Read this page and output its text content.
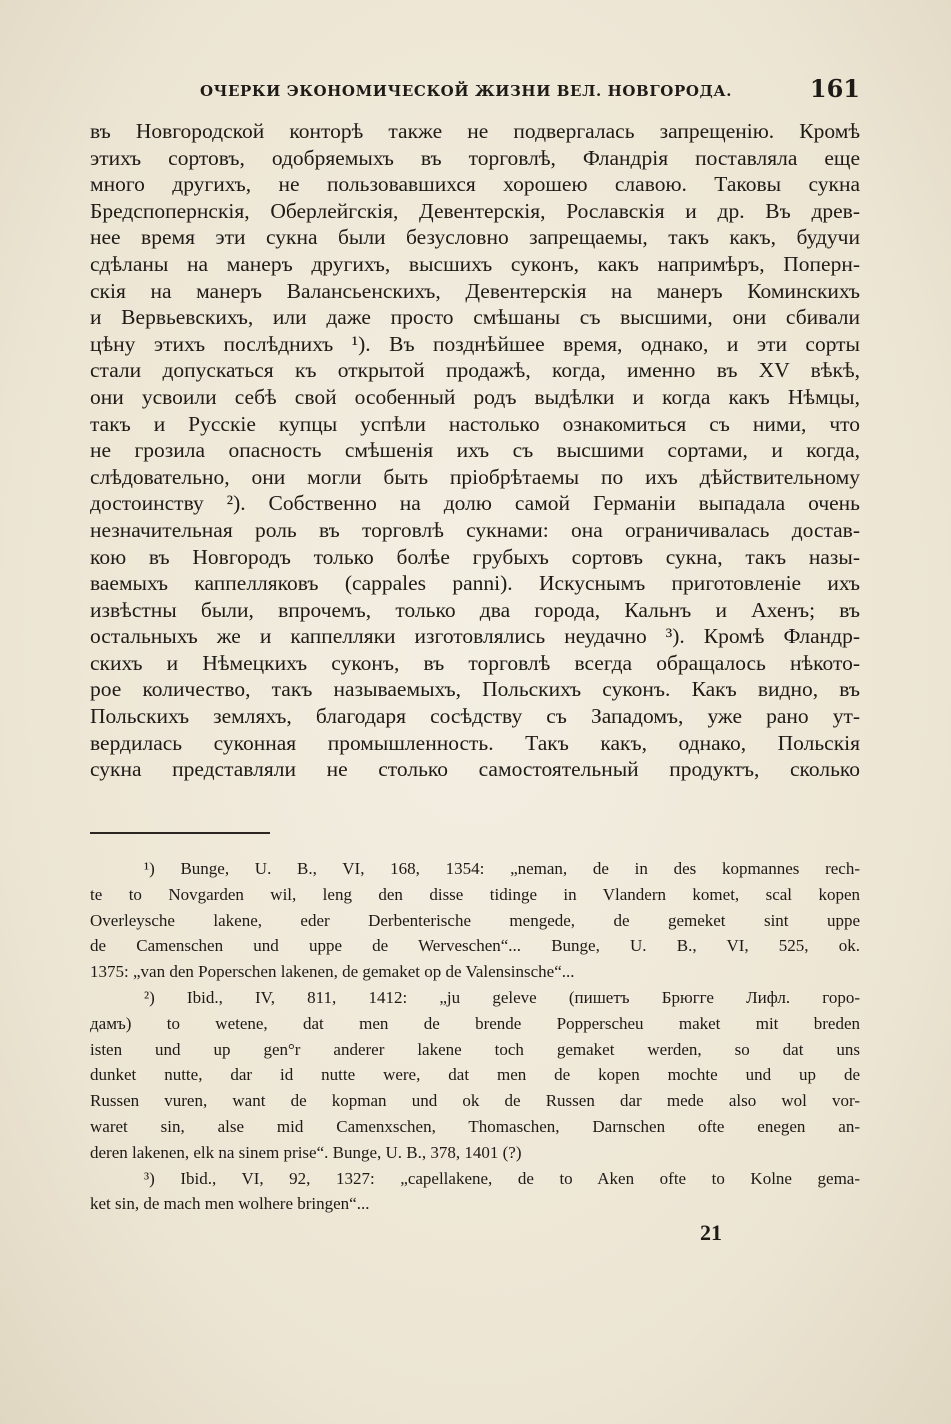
ОЧЕРКИ ЭКОНОМИЧЕСКОЙ ЖИЗНИ ВЕЛ. НОВГОРОДА.	161
въ Новгородской конторѣ также не подвергалась запрещенію. Кромѣ
этихъ сортовъ, одобряемыхъ въ торговлѣ, Фландрія поставляла еще
много другихъ, не пользовавшихся хорошею славою. Таковы сукна
Бредспопернскія, Оберлейгскія, Девентерскія, Рославскія и др. Въ древ-
нее время эти сукна были безусловно запрещаемы, такъ какъ, будучи
сдѣланы на манеръ другихъ, высшихъ суконъ, какъ напримѣръ, Поперн-
скія на манеръ Валансьенскихъ, Девентерскія на манеръ Коминскихъ
и Вервьевскихъ, или даже просто смѣшаны съ высшими, они сбивали
цѣну этихъ послѣднихъ ¹). Въ позднѣйшее время, однако, и эти сорты
стали допускаться къ открытой продажѣ, когда, именно въ XV вѣкѣ,
они усвоили себѣ свой особенный родъ выдѣлки и когда какъ Нѣмцы,
такъ и Русскіе купцы успѣли настолько ознакомиться съ ними, что
не грозила опасность смѣшенія ихъ съ высшими сортами, и когда,
слѣдовательно, они могли быть пріобрѣтаемы по ихъ дѣйствительному
достоинству ²). Собственно на долю самой Германіи выпадала очень
незначительная роль въ торговлѣ сукнами: она ограничивалась достав-
кою въ Новгородъ только болѣе грубыхъ сортовъ сукна, такъ назы-
ваемыхъ каппелляковъ (cappales panni). Искуснымъ приготовленіе ихъ
извѣстны были, впрочемъ, только два города, Кальнъ и Ахенъ; въ
остальныхъ же и каппелляки изготовлялись неудачно ³). Кромѣ Фландр-
скихъ и Нѣмецкихъ суконъ, въ торговлѣ всегда обращалось нѣкото-
рое количество, такъ называемыхъ, Польскихъ суконъ. Какъ видно, въ
Польскихъ земляхъ, благодаря сосѣдству съ Западомъ, уже рано ут-
вердилась суконная промышленность. Такъ какъ, однако, Польскія
сукна представляли не столько самостоятельный продуктъ, сколько
¹) Bunge, U. B., VI, 168, 1354: „neman, de in des kopmannes rech-
te to Novgarden wil, leng den disse tidinge in Vlandern komet, scal kopen
Overleysche lakene, eder Derbenterische mengede, de gemeket sint uppe
de Camenschen und uppe de Werveschen“... Bunge, U. B., VI, 525, ok.
1375: „van den Poperschen lakenen, de gemaket op de Valensinsche“...
²) Ibid., IV, 811, 1412: „ju geleve (пишетъ Брюгге Лифл. горо-
дамъ) to wetene, dat men de brende Popperscheu maket mit breden
isten und up gen°r anderer lakene toch gemaket werden, so dat uns
dunket nutte, dar id nutte were, dat men de kopen mochte und up de
Russen vuren, want de kopman und ok de Russen dar mede also wol vor-
waret sin, alse mid Camenxschen, Thomaschen, Darnschen ofte enegen an-
deren lakenen, elk na sinem prise“. Bunge, U. B., 378, 1401 (?)
³) Ibid., VI, 92, 1327: „capellakene, de to Aken ofte to Kolne gema-
ket sin, de mach men wolhere bringen“...
21
